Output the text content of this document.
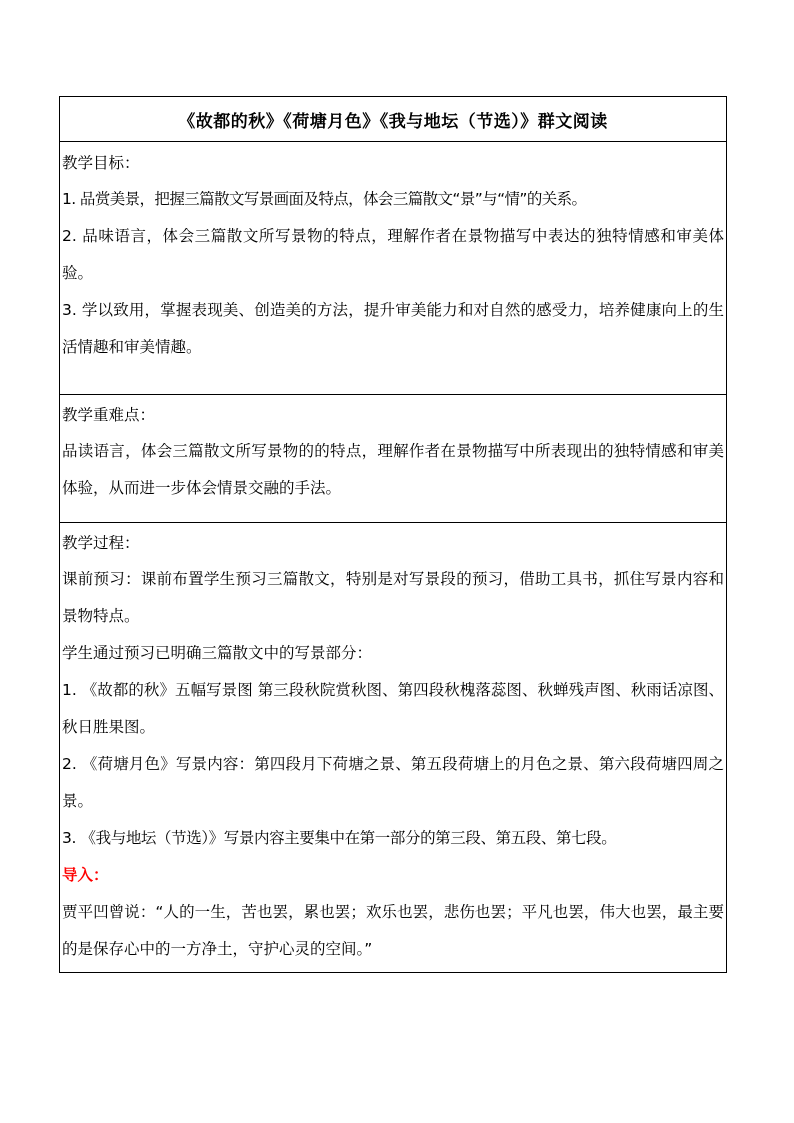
《故都的秋》《荷塘月色》《我与地坛（节选）》群文阅读
教学目标：
1. 品赏美景，把握三篇散文写景画面及特点，体会三篇散文“景”与“情”的关系。
2. 品味语言，体会三篇散文所写景物的特点，理解作者在景物描写中表达的独特情感和审美体验。
3. 学以致用，掌握表现美、创造美的方法，提升审美能力和对自然的感受力，培养健康向上的生活情趣和审美情趣。
教学重难点：
品读语言，体会三篇散文所写景物的的特点，理解作者在景物描写中所表现出的独特情感和审美体验，从而进一步体会情景交融的手法。
教学过程：
课前预习：课前布置学生预习三篇散文，特别是对写景段的预习，借助工具书，抓住写景内容和景物特点。
学生通过预习已明确三篇散文中的写景部分：
1. 《故都的秋》五幅写景图 第三段秋院赏秋图、第四段秋槐落蕊图、秋蝉残声图、秋雨话凉图、秋日胜果图。
2. 《荷塘月色》写景内容：第四段月下荷塘之景、第五段荷塘上的月色之景、第六段荷塘四周之景。
3. 《我与地坛（节选）》写景内容主要集中在第一部分的第三段、第五段、第七段。
导入：
贾平凹曾说：“人的一生，苦也罢，累也罢；欢乐也罢，悲伤也罢；平凡也罢，伟大也罢，最主要的是保存心中的一方净土，守护心灵的空间。”
